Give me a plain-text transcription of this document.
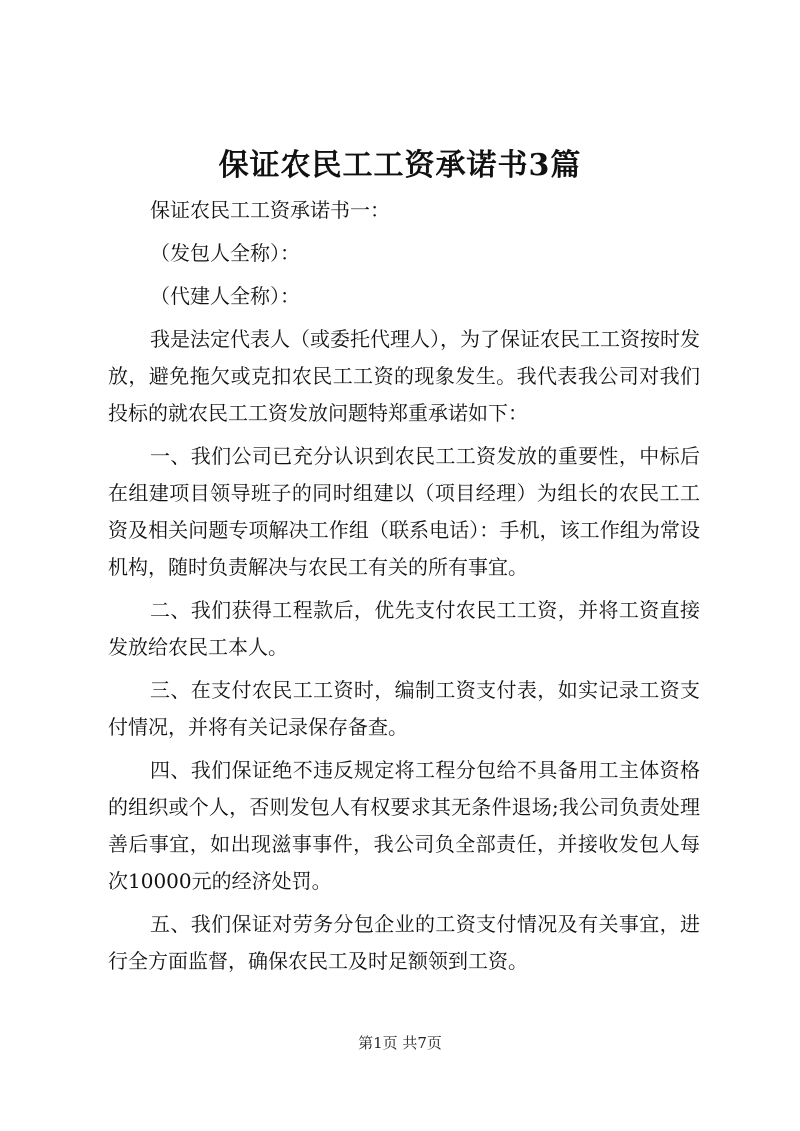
保证农民工工资承诺书3篇

保证农民工工资承诺书一：

（发包人全称）：

（代建人全称）：

我是法定代表人（或委托代理人），为了保证农民工工资按时发放，避免拖欠或克扣农民工工资的现象发生。我代表我公司对我们投标的就农民工工资发放问题特郑重承诺如下：

一、我们公司已充分认识到农民工工资发放的重要性，中标后在组建项目领导班子的同时组建以（项目经理）为组长的农民工工资及相关问题专项解决工作组（联系电话）：手机，该工作组为常设机构，随时负责解决与农民工有关的所有事宜。

二、我们获得工程款后，优先支付农民工工资，并将工资直接发放给农民工本人。

三、在支付农民工工资时，编制工资支付表，如实记录工资支付情况，并将有关记录保存备查。

四、我们保证绝不违反规定将工程分包给不具备用工主体资格的组织或个人，否则发包人有权要求其无条件退场;我公司负责处理善后事宜，如出现滋事事件，我公司负全部责任，并接收发包人每次10000元的经济处罚。

五、我们保证对劳务分包企业的工资支付情况及有关事宜，进行全方面监督，确保农民工及时足额领到工资。

第1页 共7页
